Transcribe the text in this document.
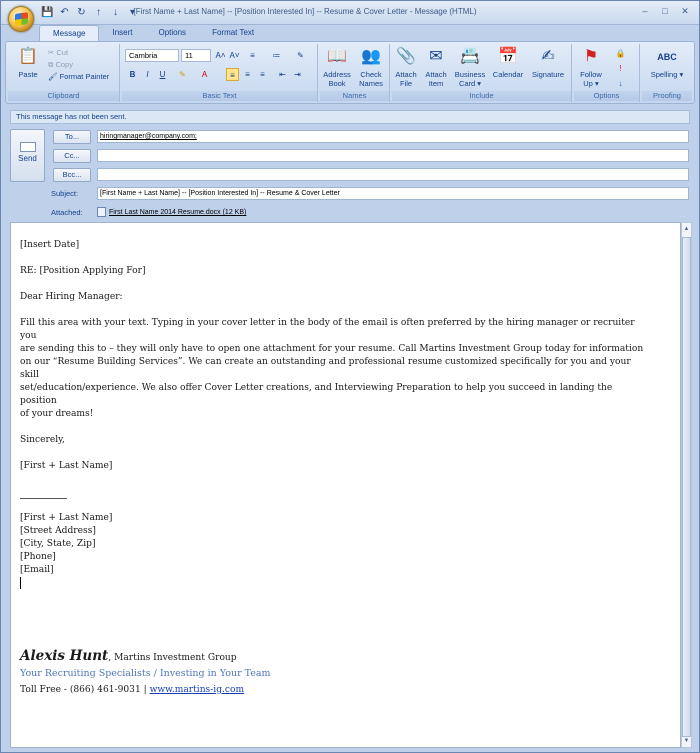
💾 ↶ ↻	↑	↓	▾
[First Name + Last Name] -- [Position Interested In] -- Resume & Cover Letter - Message (HTML)	–	□	✕
Message	Insert	Options	Format Text
📋
Paste
✂ Cut
⧉ Copy
🖌 Format Painter
Clipboard
Cambria	11	A˄ A˅	≡	≔	✎
B	I	U	✎	A	≡	≡	≡	⇤	⇥
Basic Text
📖
Address
Book
👥
Check
Names
Names
📎
Attach
File
✉
Attach
Item
📇
Business
Card ▾
📅
Calendar
✍
Signature
Include
⚑
Follow
Up ▾
🔒
!
↓
Options
ABC
Spelling ▾
Proofing
This message has not been sent.
Send
To...	hiringmanager@company.com;
Cc...
Bcc...
Subject:	[First Name + Last Name] -- [Position Interested In] -- Resume & Cover Letter
Attached:	First Last Name 2014 Resume.docx (12 KB)

[Insert Date]

RE: [Position Applying For]

Dear Hiring Manager:

Fill this area with your text. Typing in your cover letter in the body of the email is often preferred by the hiring manager or recruiter you

are sending this to – they will only have to open one attachment for your resume. Call Martins Investment Group today for information

on our “Resume Building Services”. We can create an outstanding and professional resume customized specifically for you and your skill

set/education/experience. We also offer Cover Letter creations, and Interviewing Preparation to help you succeed in landing the position

of your dreams!

Sincerely,

[First + Last Name]

[First + Last Name]

[Street Address]

[City, State, Zip]

[Phone]

[Email]

Alexis Hunt, Martins Investment Group
Your Recruiting Specialists / Investing in Your Team
Toll Free - (866) 461-9031 | www.martins-ig.com
▲
▼
